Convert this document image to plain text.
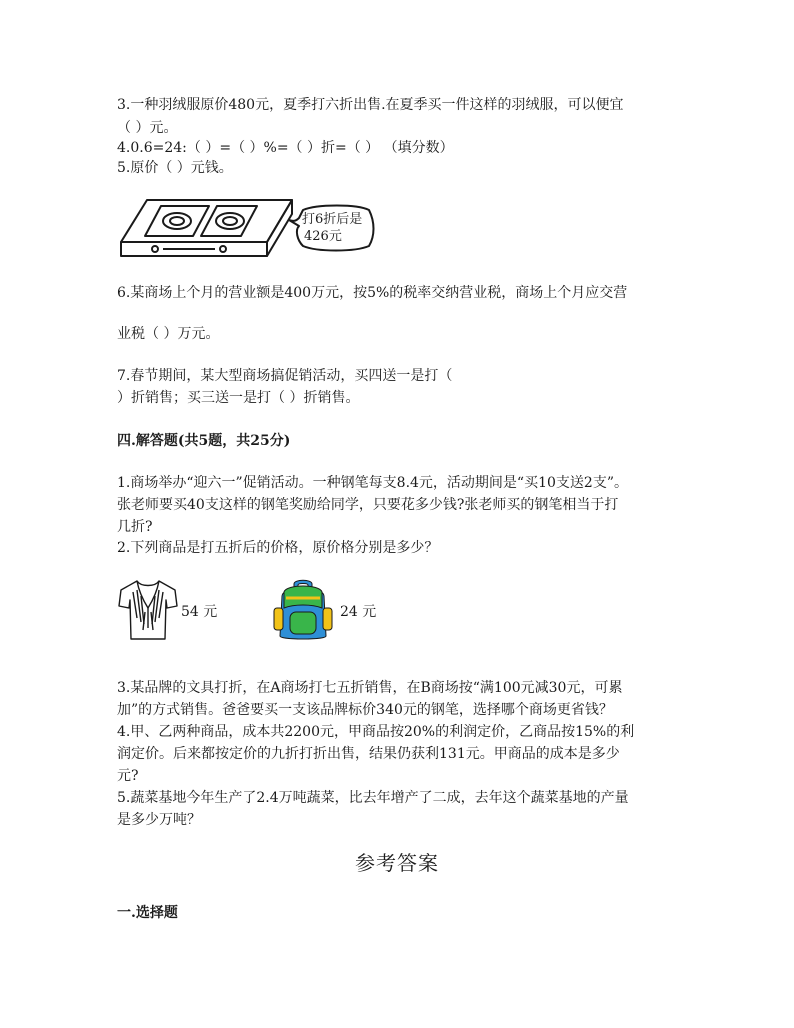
3.一种羽绒服原价480元，夏季打六折出售.在夏季买一件这样的羽绒服，可以便宜
（ ）元。
4.0.6=24:（ ）=（ ）%=（ ）折=（ ） （填分数）
5.原价（ ）元钱。
打6折后是
426元
6.某商场上个月的营业额是400万元，按5%的税率交纳营业税，商场上个月应交营
业税（ ）万元。
7.春节期间，某大型商场搞促销活动，买四送一是打（
）折销售；买三送一是打（ ）折销售。
四.解答题(共5题，共25分)
1.商场举办“迎六一”促销活动。一种钢笔每支8.4元，活动期间是“买10支送2支”。
张老师要买40支这样的钢笔奖励给同学，只要花多少钱?张老师买的钢笔相当于打
几折?
2.下列商品是打五折后的价格，原价格分别是多少？
54 元	24 元
3.某品牌的文具打折，在A商场打七五折销售，在B商场按“满100元减30元，可累
加”的方式销售。爸爸要买一支该品牌标价340元的钢笔，选择哪个商场更省钱？
4.甲、乙两种商品，成本共2200元，甲商品按20%的利润定价，乙商品按15%的利
润定价。后来都按定价的九折打折出售，结果仍获利131元。甲商品的成本是多少
元?
5.蔬菜基地今年生产了2.4万吨蔬菜，比去年增产了二成，去年这个蔬菜基地的产量
是多少万吨？
参考答案
一.选择题
